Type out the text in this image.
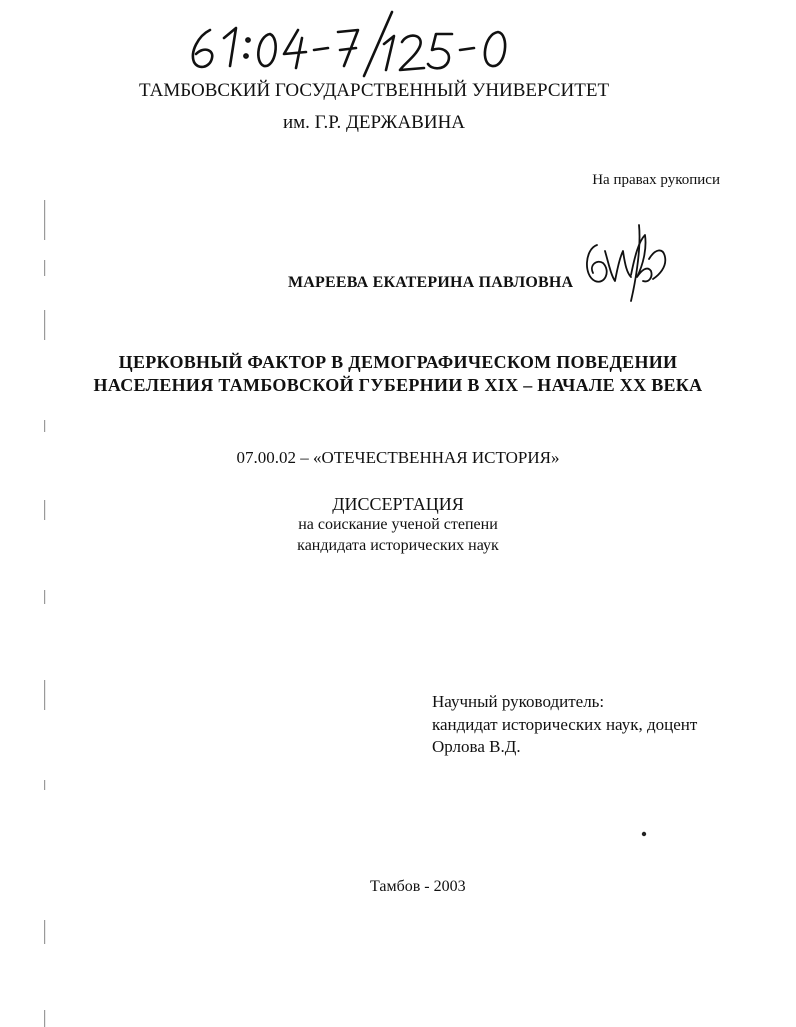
ТАМБОВСКИЙ ГОСУДАРСТВЕННЫЙ УНИВЕРСИТЕТ
им. Г.Р. ДЕРЖАВИНА
На правах рукописи
МАРЕЕВА ЕКАТЕРИНА ПАВЛОВНА
ЦЕРКОВНЫЙ ФАКТОР В ДЕМОГРАФИЧЕСКОМ ПОВЕДЕНИИ
НАСЕЛЕНИЯ ТАМБОВСКОЙ ГУБЕРНИИ В XIX – НАЧАЛЕ XX ВЕКА
07.00.02 – «ОТЕЧЕСТВЕННАЯ ИСТОРИЯ»
ДИССЕРТАЦИЯ
на соискание ученой степени
кандидата исторических наук
Научный руководитель:
кандидат исторических наук, доцент
Орлова В.Д.
Тамбов - 2003
